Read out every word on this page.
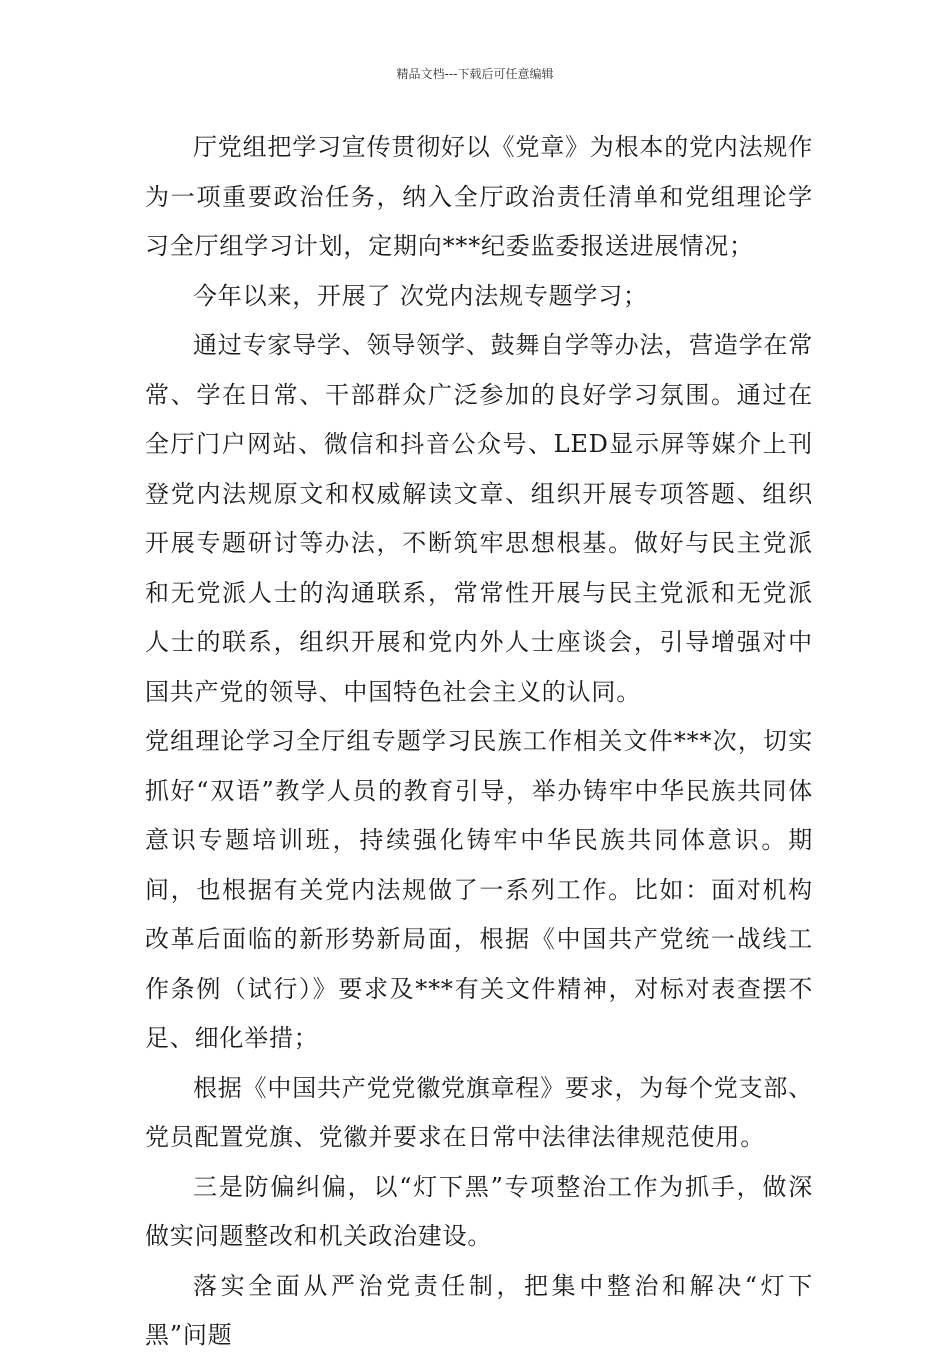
精品文档---下载后可任意编辑

厅党组把学习宣传贯彻好以《党章》为根本的党内法规作为一项重要政治任务，纳入全厅政治责任清单和党组理论学习全厅组学习计划，定期向***纪委监委报送进展情况；

今年以来，开展了 次党内法规专题学习；

通过专家导学、领导领学、鼓舞自学等办法，营造学在常常、学在日常、干部群众广泛参加的良好学习氛围。通过在全厅门户网站、微信和抖音公众号、LED显示屏等媒介上刊登党内法规原文和权威解读文章、组织开展专项答题、组织开展专题研讨等办法，不断筑牢思想根基。做好与民主党派和无党派人士的沟通联系，常常性开展与民主党派和无党派人士的联系，组织开展和党内外人士座谈会，引导增强对中国共产党的领导、中国特色社会主义的认同。

党组理论学习全厅组专题学习民族工作相关文件***次，切实抓好“双语”教学人员的教育引导，举办铸牢中华民族共同体意识专题培训班，持续强化铸牢中华民族共同体意识。期间，也根据有关党内法规做了一系列工作。比如：面对机构改革后面临的新形势新局面，根据《中国共产党统一战线工作条例（试行）》要求及***有关文件精神，对标对表查摆不足、细化举措；

根据《中国共产党党徽党旗章程》要求，为每个党支部、党员配置党旗、党徽并要求在日常中法律法律规范使用。

三是防偏纠偏，以“灯下黑”专项整治工作为抓手，做深做实问题整改和机关政治建设。

落实全面从严治党责任制，把集中整治和解决“灯下黑”问题
